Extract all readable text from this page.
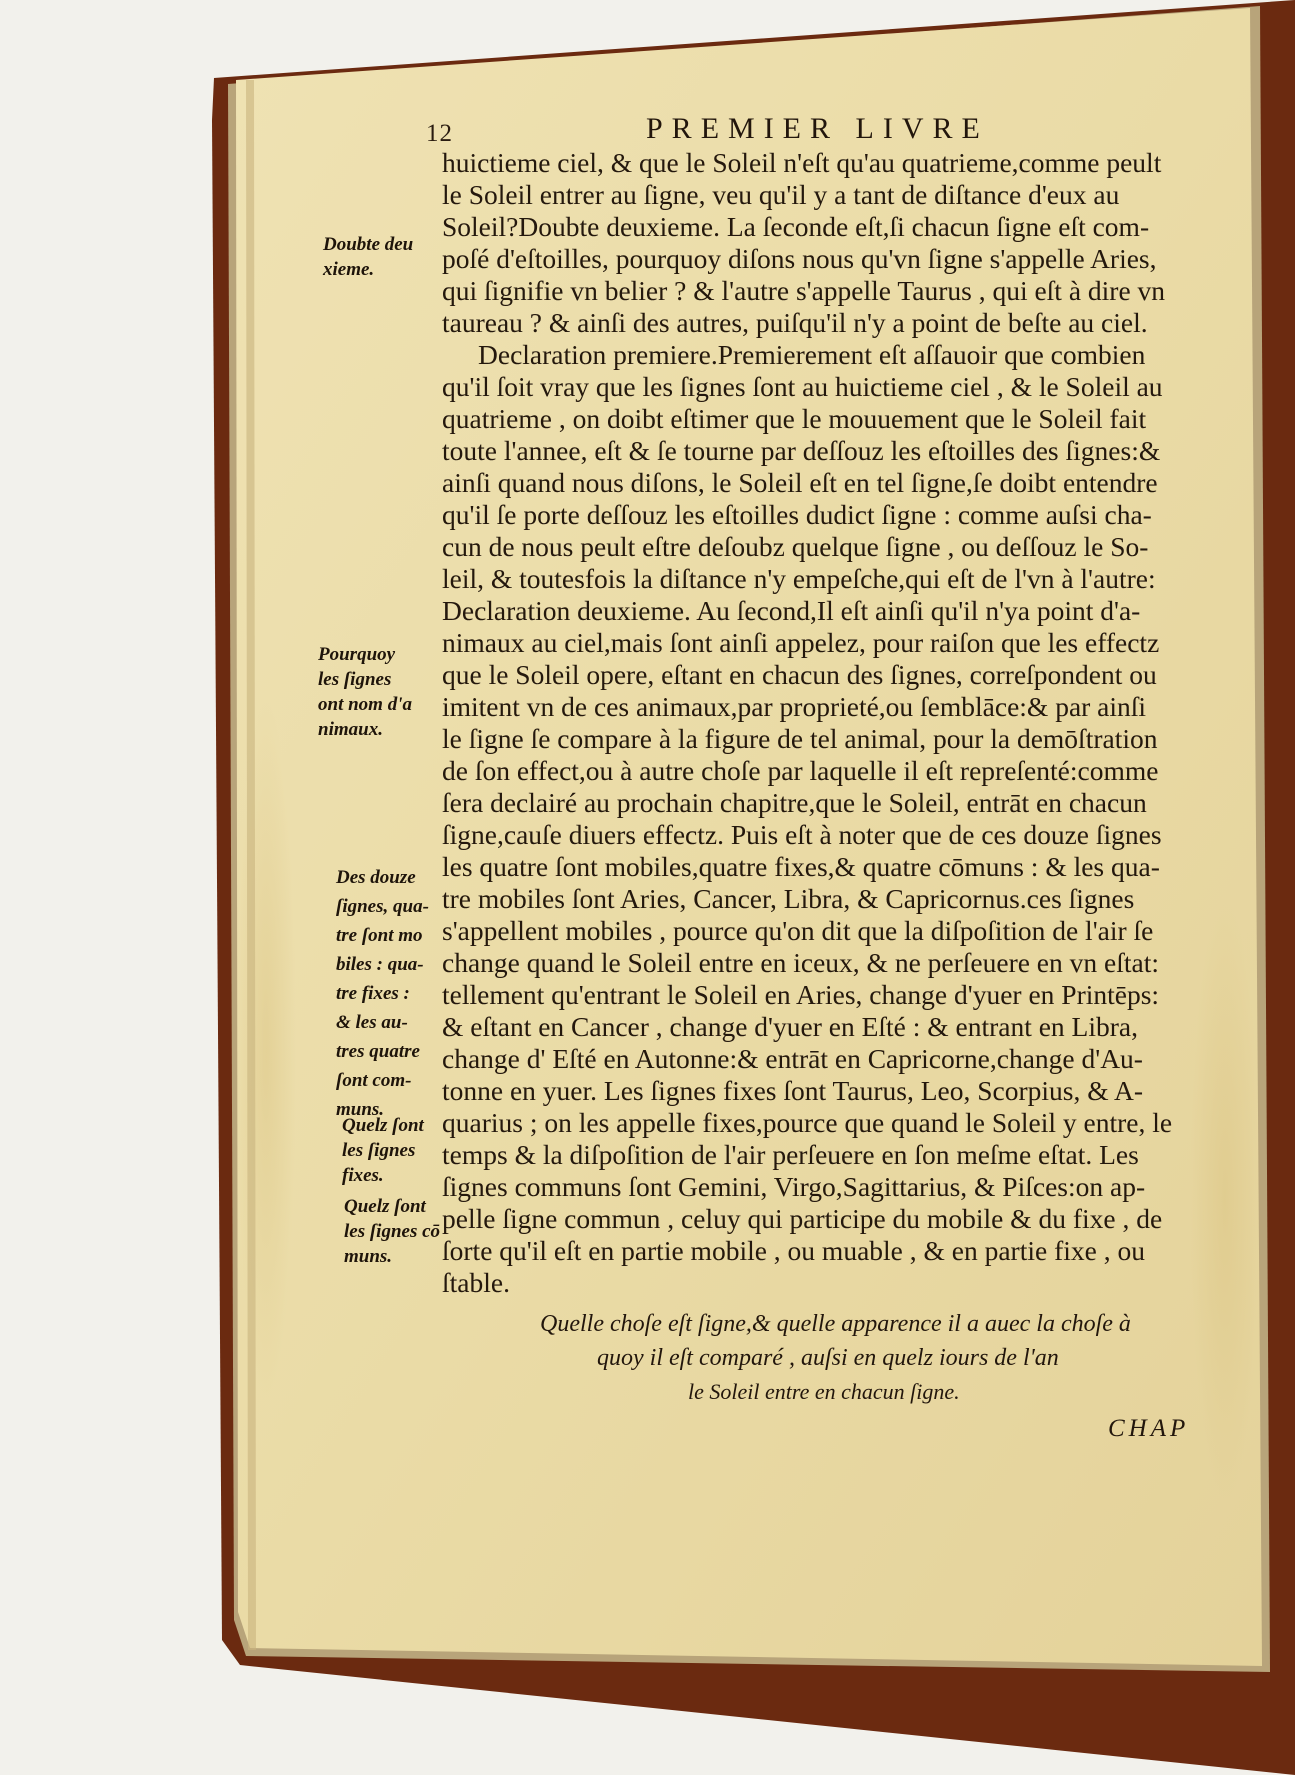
12	PREMIER LIVRE
huictieme ciel, & que le Soleil n'eſt qu'au quatrieme,comme peult
le Soleil entrer au ſigne, veu qu'il y a tant de diſtance d'eux au
Soleil?Doubte deuxieme. La ſeconde eſt,ſi chacun ſigne eſt com-
poſé d'eſtoilles, pourquoy diſons nous qu'vn ſigne s'appelle Aries,
qui ſignifie vn belier ? & l'autre s'appelle Taurus , qui eſt à dire vn
taureau ? & ainſi des autres, puiſqu'il n'y a point de beſte au ciel.
Declaration premiere.Premierement eſt aſſauoir que combien
qu'il ſoit vray que les ſignes ſont au huictieme ciel , & le Soleil au
quatrieme , on doibt eſtimer que le mouuement que le Soleil fait
toute l'annee, eſt & ſe tourne par deſſouz les eſtoilles des ſignes:&
ainſi quand nous diſons, le Soleil eſt en tel ſigne,ſe doibt entendre
qu'il ſe porte deſſouz les eſtoilles dudict ſigne : comme auſsi cha-
cun de nous peult eſtre deſoubz quelque ſigne , ou deſſouz le So-
leil, & toutesfois la diſtance n'y empeſche,qui eſt de l'vn à l'autre:
Declaration deuxieme. Au ſecond,Il eſt ainſi qu'il n'ya point d'a-
nimaux au ciel,mais ſont ainſi appelez, pour raiſon que les effectz
que le Soleil opere, eſtant en chacun des ſignes, correſpondent ou
imitent vn de ces animaux,par proprieté,ou ſemblāce:& par ainſi
le ſigne ſe compare à la figure de tel animal, pour la demōſtration
de ſon effect,ou à autre choſe par laquelle il eſt repreſenté:comme
ſera declairé au prochain chapitre,que le Soleil, entrāt en chacun
ſigne,cauſe diuers effectz. Puis eſt à noter que de ces douze ſignes
les quatre ſont mobiles,quatre fixes,& quatre cōmuns : & les qua-
tre mobiles ſont Aries, Cancer, Libra, & Capricornus.ces ſignes
s'appellent mobiles , pource qu'on dit que la diſpoſition de l'air ſe
change quand le Soleil entre en iceux, & ne perſeuere en vn eſtat:
tellement qu'entrant le Soleil en Aries, change d'yuer en Printēps:
& eſtant en Cancer , change d'yuer en Eſté : & entrant en Libra,
change d' Eſté en Autonne:& entrāt en Capricorne,change d'Au-
tonne en yuer. Les ſignes fixes ſont Taurus, Leo, Scorpius, & A-
quarius ; on les appelle fixes,pource que quand le Soleil y entre, le
temps & la diſpoſition de l'air perſeuere en ſon meſme eſtat. Les
ſignes communs ſont Gemini, Virgo,Sagittarius, & Piſces:on ap-
pelle ſigne commun , celuy qui participe du mobile & du fixe , de
ſorte qu'il eſt en partie mobile , ou muable , & en partie fixe , ou
ſtable.
Doubte deu
xieme.
Pourquoy
les ſignes
ont nom d'a
nimaux.
Des douze
ſignes, qua-
tre ſont mo
biles : qua-
tre fixes :
& les au-
tres quatre
ſont com-
muns.
Quelz ſont
les ſignes
fixes.
Quelz ſont
les ſignes cō
muns.
Quelle choſe eſt ſigne,& quelle apparence il a auec la choſe à
quoy il eſt comparé , auſsi en quelz iours de l'an
le Soleil entre en chacun ſigne.
CHAP
